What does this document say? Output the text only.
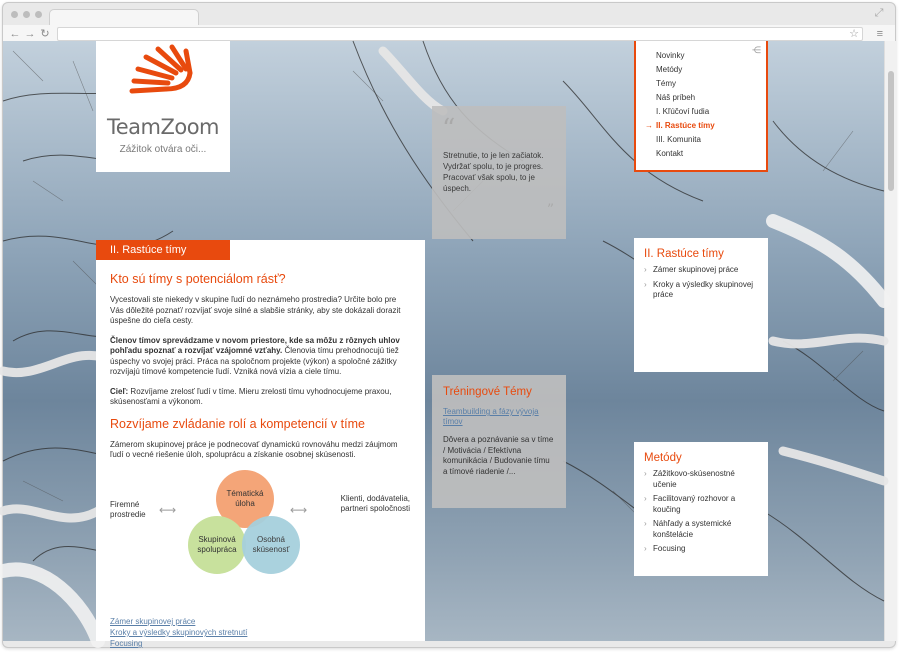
⤢
← → ↻	☆ ≡
TeamZoom
Zážitok otvára oči...
⋲
Novinky
Metódy
Témy
Náš príbeh
I. Kľúčoví ľudia
→ II. Rastúce tímy
III. Komunita
Kontakt
“
Stretnutie, to je len začiatok. Vydržať spolu, to je progres. Pracovať však spolu, to je úspech.
”
II. Rastúce tímy
Kto sú tímy s potenciálom rásť?
Vycestovali ste niekedy v skupine ľudí do neznámeho prostredia? Určite bolo pre Vás dôležité poznať/ rozvíjať svoje silné a slabšie stránky, aby ste dokázali dorazit úspešne do cieľa cesty.
Členov tímov sprevádzame v novom priestore, kde sa môžu z rôznych uhlov pohľadu spoznať a rozvíjať vzájomné vzťahy. Členovia tímu prehodnocujú tiež úspechy vo svojej práci. Práca na spoločnom projekte (výkon) a spoločné zážitky rozvíjajú tímové kompetencie ľudí. Vzniká nová vízia a ciele tímu.
Cieľ: Rozvíjame zrelosť ľudí v tíme. Mieru zrelosti tímu vyhodnocujeme praxou, skúsenosťami a výkonom.
Rozvíjame zvládanie rolí a kompetencií v tíme
Zámerom skupinovej práce je podnecovať dynamickú rovnováhu medzi záujmom ľudí o vecné riešenie úloh, spoluprácu a získanie osobnej skúsenosti.
Firemné prostredie	⟷
Tématická úloha
Skupinová spolupráca
Osobná skúsenosť
⟷
Klienti, dodávatelia, partneri spoločnosti
Zámer skupinovej práce
Kroky a výsledky skupinových stretnutí
Focusing
Tréningové Témy
Teambuilding a fázy vývoja tímov
Dôvera a poznávanie sa v tíme / Motivácia / Efektívna komunikácia / Budovanie tímu a tímové riadenie /...
II. Rastúce tímy
› Zámer skupinovej práce
› Kroky a výsledky skupinovej práce
Metódy
› Zážitkovo-skúsenostné učenie
› Facilitovaný rozhovor a koučing
› Náhľady a systemické konštelácie
› Focusing
